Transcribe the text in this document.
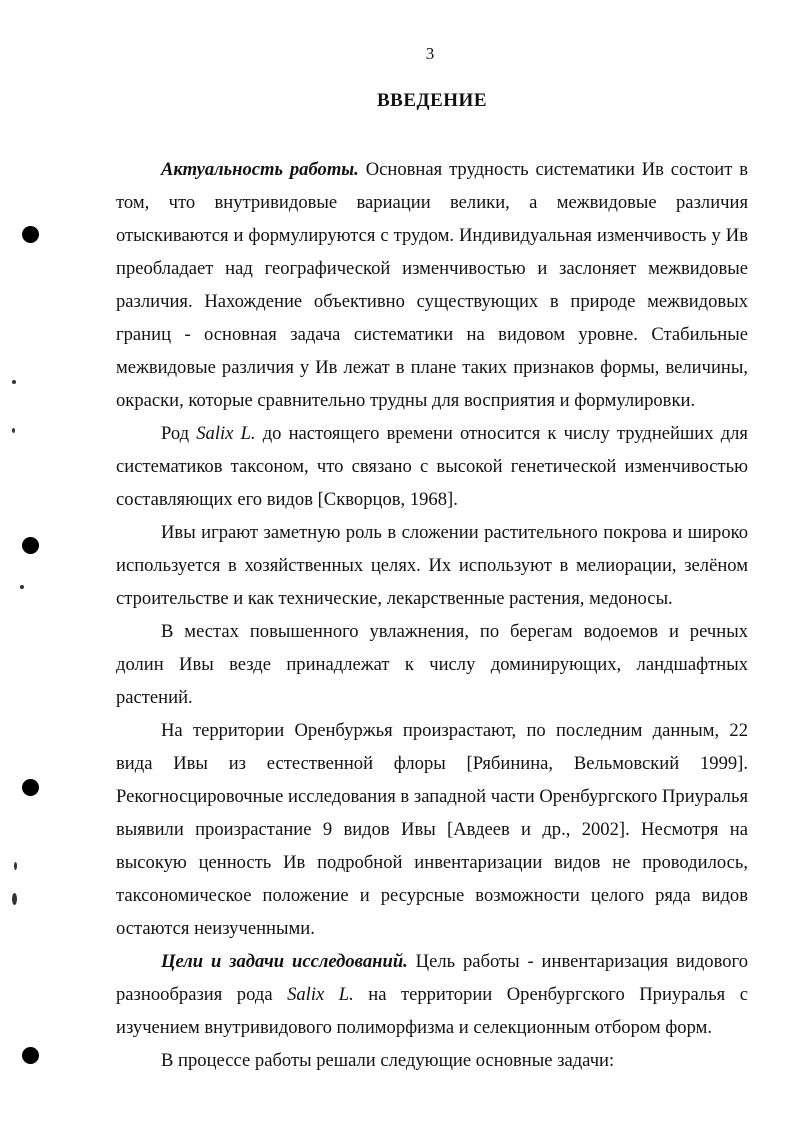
3
ВВЕДЕНИЕ

Актуальность работы. Основная трудность систематики Ив состоит в том, что внутривидовые вариации велики, а межвидовые различия отыскиваются и формулируются с трудом. Индивидуальная изменчивость у Ив преобладает над географической изменчивостью и заслоняет межвидовые различия. Нахождение объективно существующих в природе межвидовых границ - основная задача систематики на видовом уровне. Стабильные межвидовые различия у Ив лежат в плане таких признаков формы, величины, окраски, которые сравнительно трудны для восприятия и формулировки.

Род Salix L. до настоящего времени относится к числу труднейших для систематиков таксоном, что связано с высокой генетической изменчивостью составляющих его видов [Скворцов, 1968].

Ивы играют заметную роль в сложении растительного покрова и широко используется в хозяйственных целях. Их используют в мелиорации, зелёном строительстве и как технические, лекарственные растения, медоносы.

В местах повышенного увлажнения, по берегам водоемов и речных долин Ивы везде принадлежат к числу доминирующих, ландшафтных растений.

На территории Оренбуржья произрастают, по последним данным, 22 вида Ивы из естественной флоры [Рябинина, Вельмовский 1999]. Рекогносцировочные исследования в западной части Оренбургского Приуралья выявили произрастание 9 видов Ивы [Авдеев и др., 2002]. Несмотря на высокую ценность Ив подробной инвентаризации видов не проводилось, таксономическое положение и ресурсные возможности целого ряда видов остаются неизученными.

Цели и задачи исследований. Цель работы - инвентаризация видового разнообразия рода Salix L. на территории Оренбургского Приуралья с изучением внутривидового полиморфизма и селекционным отбором форм.

В процессе работы решали следующие основные задачи:
